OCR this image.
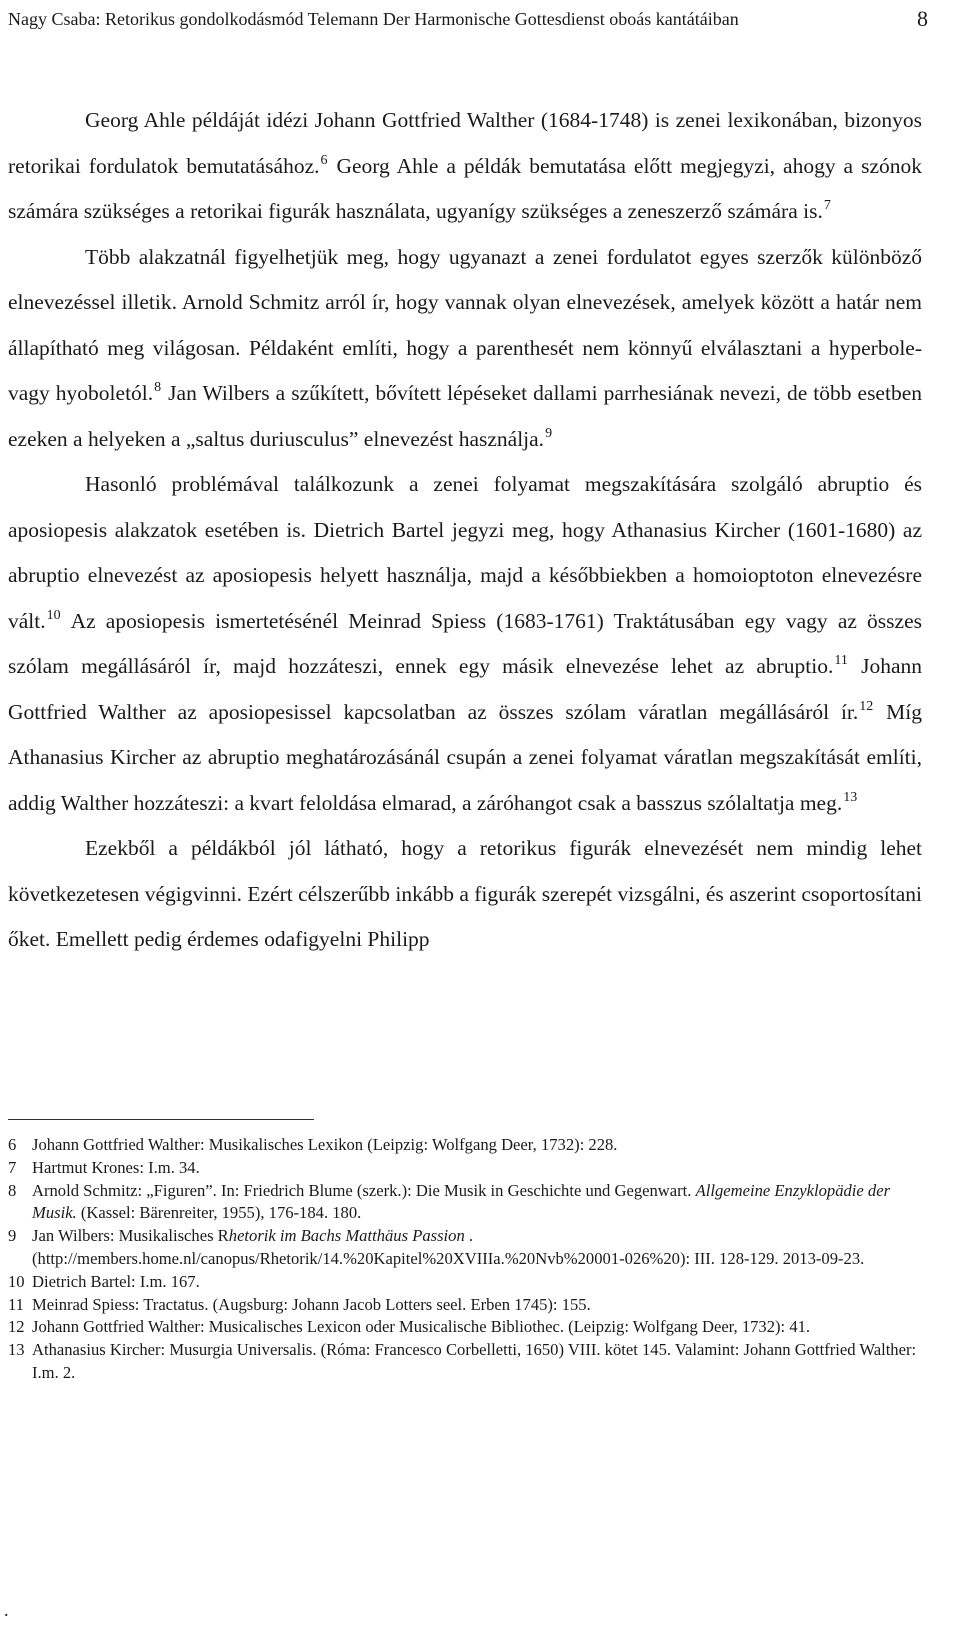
Nagy Csaba: Retorikus gondolkodásmód Telemann Der Harmonische Gottesdienst oboás kantátáiban	8

Georg Ahle példáját idézi Johann Gottfried Walther (1684-1748) is zenei lexikonában, bizonyos retorikai fordulatok bemutatásához.$^6$ Georg Ahle a példák bemutatása előtt megjegyzi, ahogy a szónok számára szükséges a retorikai figurák használata, ugyanígy szükséges a zeneszerző számára is.$^7$

Több alakzatnál figyelhetjük meg, hogy ugyanazt a zenei fordulatot egyes szerzők különböző elnevezéssel illetik. Arnold Schmitz arról ír, hogy vannak olyan elnevezések, amelyek között a határ nem állapítható meg világosan. Példaként említi, hogy a parenthesét nem könnyű elválasztani a hyperbole- vagy hyoboletól.$^8$ Jan Wilbers a szűkített, bővített lépéseket dallami parrhesiának nevezi, de több esetben ezeken a helyeken a „saltus duriusculus” elnevezést használja.$^9$

Hasonló problémával találkozunk a zenei folyamat megszakítására szolgáló abruptio és aposiopesis alakzatok esetében is. Dietrich Bartel jegyzi meg, hogy Athanasius Kircher (1601-1680) az abruptio elnevezést az aposiopesis helyett használja, majd a későbbiekben a homoioptoton elnevezésre vált.$^{10}$ Az aposiopesis ismertetésénél Meinrad Spiess (1683-1761) Traktátusában egy vagy az összes szólam megállásáról ír, majd hozzáteszi, ennek egy másik elnevezése lehet az abruptio.$^{11}$ Johann Gottfried Walther az aposiopesissel kapcsolatban az összes szólam váratlan megállásáról ír.$^{12}$ Míg Athanasius Kircher az abruptio meghatározásánál csupán a zenei folyamat váratlan megszakítását említi, addig Walther hozzáteszi: a kvart feloldása elmarad, a záróhangot csak a basszus szólaltatja meg.$^{13}$

Ezekből a példákból jól látható, hogy a retorikus figurák elnevezését nem mindig lehet következetesen végigvinni. Ezért célszerűbb inkább a figurák szerepét vizsgálni, és aszerint csoportosítani őket. Emellett pedig érdemes odafigyelni Philipp

6 Johann Gottfried Walther: Musikalisches Lexikon (Leipzig: Wolfgang Deer, 1732): 228.
7 Hartmut Krones: I.m. 34.
8 Arnold Schmitz: „Figuren”. In: Friedrich Blume (szerk.): Die Musik in Geschichte und Gegenwart. Allgemeine Enzyklopädie der Musik. (Kassel: Bärenreiter, 1955), 176-184. 180.
9 Jan Wilbers: Musikalisches Rhetorik im Bachs Matthäus Passion . (http://members.home.nl/canopus/Rhetorik/14.%20Kapitel%20XVIIIa.%20Nvb%20001-026%20): III. 128-129. 2013-09-23.
10 Dietrich Bartel: I.m. 167.
11 Meinrad Spiess: Tractatus. (Augsburg: Johann Jacob Lotters seel. Erben 1745): 155.
12 Johann Gottfried Walther: Musicalisches Lexicon oder Musicalische Bibliothec. (Leipzig: Wolfgang Deer, 1732): 41.
13 Athanasius Kircher: Musurgia Universalis. (Róma: Francesco Corbelletti, 1650) VIII. kötet 145. Valamint: Johann Gottfried Walther: I.m. 2.
.
